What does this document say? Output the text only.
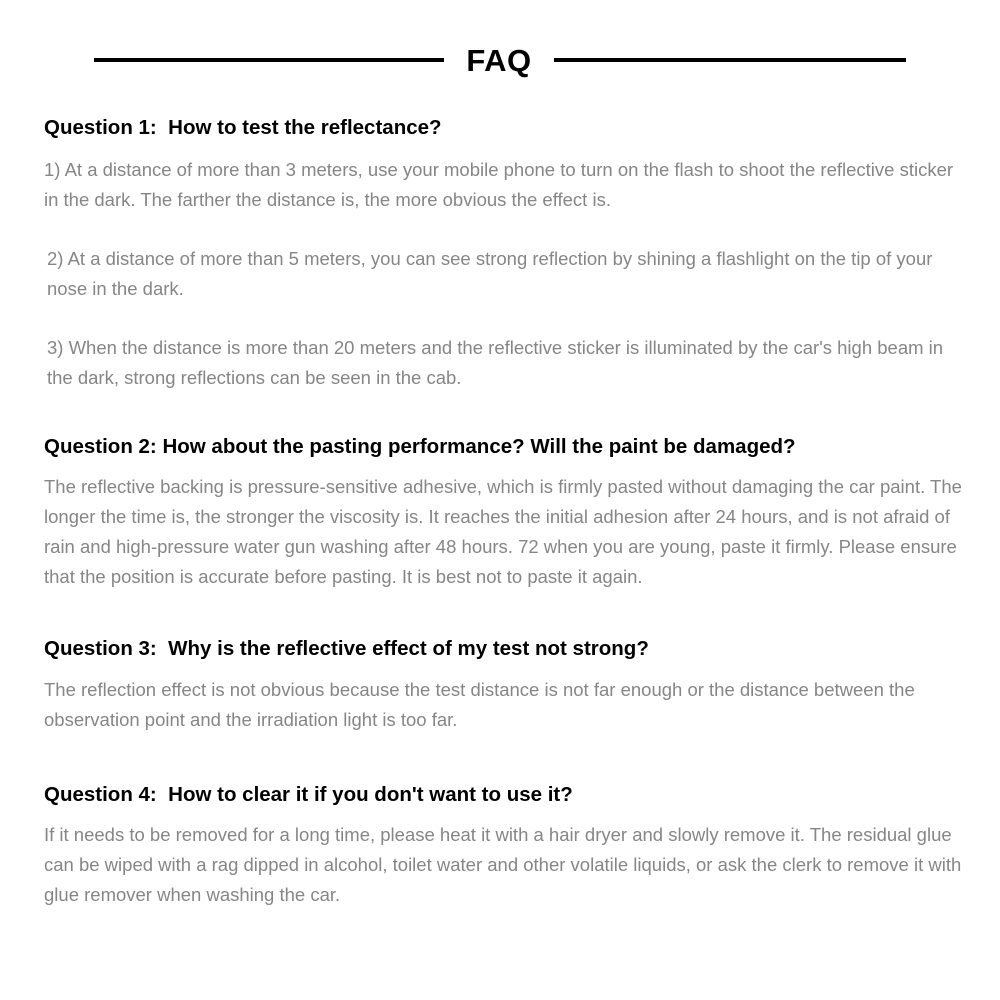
FAQ
Question 1:  How to test the reflectance?

1) At a distance of more than 3 meters, use your mobile phone to turn on the flash to shoot the reflective sticker in the dark. The farther the distance is, the more obvious the effect is.

2) At a distance of more than 5 meters, you can see strong reflection by shining a flashlight on the tip of your nose in the dark.

3) When the distance is more than 20 meters and the reflective sticker is illuminated by the car's high beam in the dark, strong reflections can be seen in the cab.

Question 2: How about the pasting performance? Will the paint be damaged?

The reflective backing is pressure-sensitive adhesive, which is firmly pasted without damaging the car paint. The longer the time is, the stronger the viscosity is. It reaches the initial adhesion after 24 hours, and is not afraid of rain and high-pressure water gun washing after 48 hours. 72 when you are young, paste it firmly. Please ensure that the position is accurate before pasting. It is best not to paste it again.

Question 3:  Why is the reflective effect of my test not strong?

The reflection effect is not obvious because the test distance is not far enough or the distance between the observation point and the irradiation light is too far.

Question 4:  How to clear it if you don't want to use it?

If it needs to be removed for a long time, please heat it with a hair dryer and slowly remove it. The residual glue can be wiped with a rag dipped in alcohol, toilet water and other volatile liquids, or ask the clerk to remove it with glue remover when washing the car.
